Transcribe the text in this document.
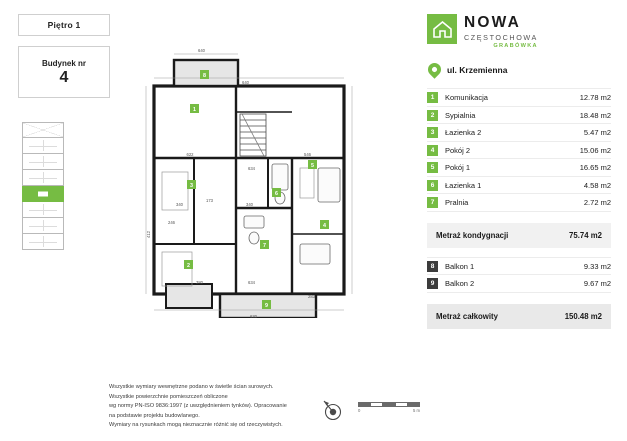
Piętro 1
Budynek nr
4
640
640
622
634
546
340
173
340
246
412
380	634
630
283
1
8
3
2
7
6
4
5
9
NOWA
CZĘSTOCHOWA
GRABÓWKA
ul. Krzemienna
1	Komunikacja	12.78 m2
2	Sypialnia	18.48 m2
3	Łazienka 2	5.47 m2
4	Pokój 2	15.06 m2
5	Pokój 1	16.65 m2
6	Łazienka 1	4.58 m2
7	Pralnia	2.72 m2
Metraż kondygnacji	75.74 m2
8	Balkon 1	9.33 m2
9	Balkon 2	9.67 m2
Metraż całkowity	150.48 m2
Wszystkie wymiary wewnętrzne podano w świetle ścian surowych.
Wszystkie powierzchnie pomieszczeń obliczone
wg normy PN-ISO 9836:1997 (z uwzględnieniem tynków). Opracowanie
na podstawie projektu budowlanego.
Wymiary na rysunkach mogą nieznacznie różnić się od rzeczywistych.
0	5 m
